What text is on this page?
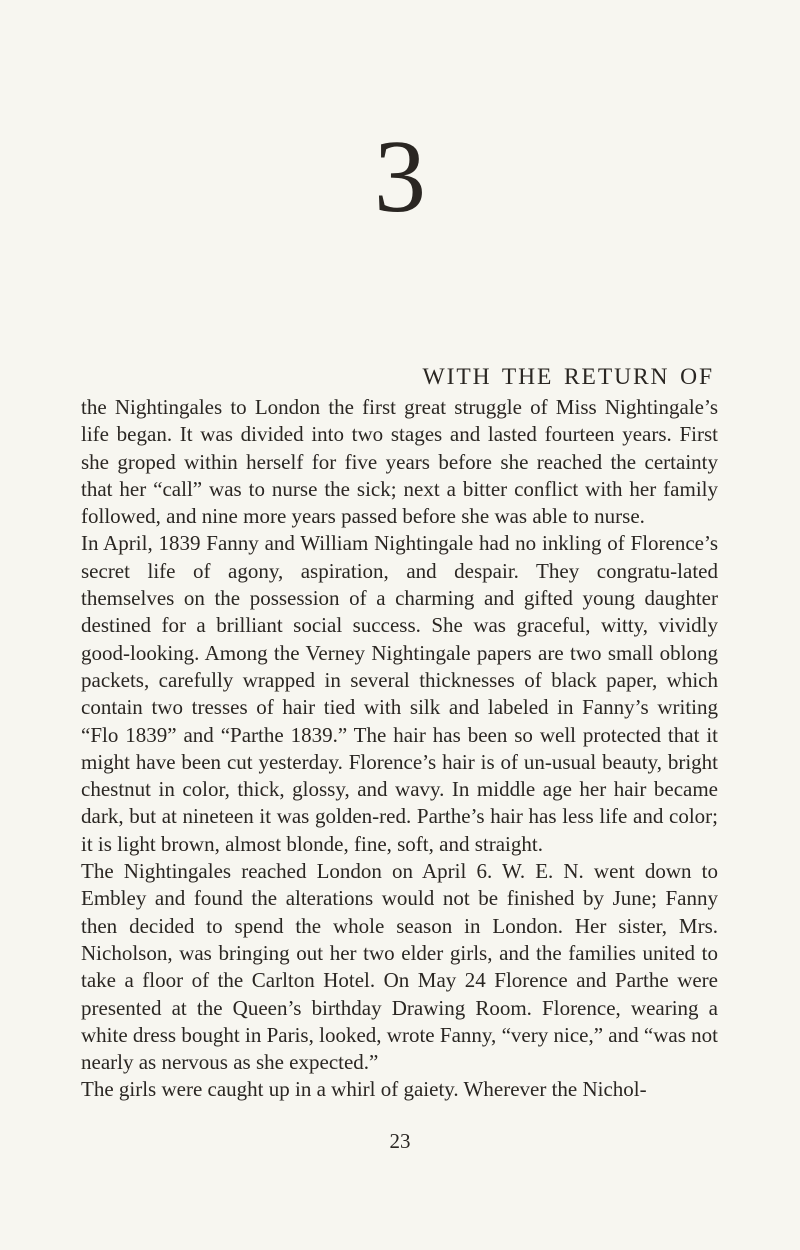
3

WITH THE RETURN OF

the Nightingales to London the first great struggle of Miss Nightingale’s life began. It was divided into two stages and lasted fourteen years. First she groped within herself for five years before she reached the certainty that her “call” was to nurse the sick; next a bitter conflict with her family followed, and nine more years passed before she was able to nurse.

In April, 1839 Fanny and William Nightingale had no inkling of Florence’s secret life of agony, aspiration, and despair. They congratu-lated themselves on the possession of a charming and gifted young daughter destined for a brilliant social success. She was graceful, witty, vividly good-looking. Among the Verney Nightingale papers are two small oblong packets, carefully wrapped in several thicknesses of black paper, which contain two tresses of hair tied with silk and labeled in Fanny’s writing “Flo 1839” and “Parthe 1839.” The hair has been so well protected that it might have been cut yesterday. Florence’s hair is of un-usual beauty, bright chestnut in color, thick, glossy, and wavy. In middle age her hair became dark, but at nineteen it was golden-red. Parthe’s hair has less life and color; it is light brown, almost blonde, fine, soft, and straight.

The Nightingales reached London on April 6. W. E. N. went down to Embley and found the alterations would not be finished by June; Fanny then decided to spend the whole season in London. Her sister, Mrs. Nicholson, was bringing out her two elder girls, and the families united to take a floor of the Carlton Hotel. On May 24 Florence and Parthe were presented at the Queen’s birthday Drawing Room. Florence, wearing a white dress bought in Paris, looked, wrote Fanny, “very nice,” and “was not nearly as nervous as she expected.”

The girls were caught up in a whirl of gaiety. Wherever the Nichol-

23
